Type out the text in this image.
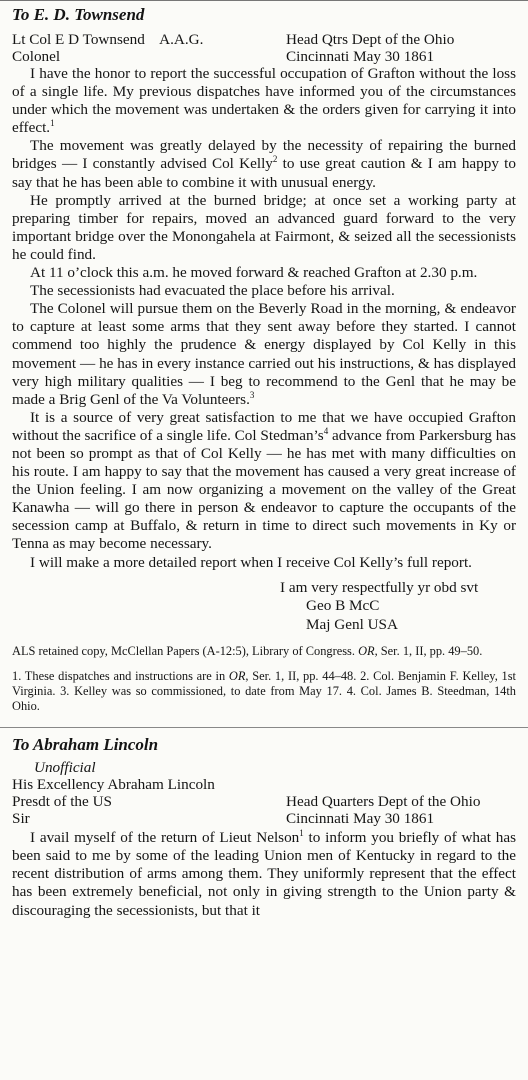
To E. D. Townsend
Lt Col E D Townsend    A.A.G.	Head Qtrs Dept of the Ohio
Colonel	Cincinnati May 30 1861

I have the honor to report the successful occupation of Grafton without the loss of a single life. My previous dispatches have informed you of the circumstances under which the movement was undertaken & the orders given for carrying it into effect.$^1$

The movement was greatly delayed by the necessity of repairing the burned bridges — I constantly advised Col Kelly$^2$ to use great caution & I am happy to say that he has been able to combine it with unusual energy.

He promptly arrived at the burned bridge; at once set a working party at preparing timber for repairs, moved an advanced guard forward to the very important bridge over the Monongahela at Fairmont, & seized all the secessionists he could find.

At 11 o’clock this a.m. he moved forward & reached Grafton at 2.30 p.m.

The secessionists had evacuated the place before his arrival.

The Colonel will pursue them on the Beverly Road in the morning, & endeavor to capture at least some arms that they sent away before they started. I cannot commend too highly the prudence & energy displayed by Col Kelly in this movement — he has in every instance carried out his instructions, & has displayed very high military qualities — I beg to recommend to the Genl that he may be made a Brig Genl of the Va Volunteers.$^3$

It is a source of very great satisfaction to me that we have occupied Grafton without the sacrifice of a single life. Col $Stedman’s^4$ advance from Parkersburg has not been so prompt as that of Col Kelly — he has met with many difficulties on his route. I am happy to say that the movement has caused a very great increase of the Union feeling. I am now organizing a movement on the valley of the Great Kanawha — will go there in person & endeavor to capture the occupants of the secession camp at Buffalo, & return in time to direct such movements in Ky or Tenna as may become necessary.

I will make a more detailed report when I receive Col Kelly’s full report.

I am very respectfully yr obd svt
Geo B McC
Maj Genl USA
ALS retained copy, McClellan Papers (A-12:5), Library of Congress. OR, Ser. 1, II, pp. 49–50.
1. These dispatches and instructions are in OR, Ser. 1, II, pp. 44–48. 2. Col. Benjamin F. Kelley, 1st Virginia. 3. Kelley was so commissioned, to date from May 17. 4. Col. James B. Steedman, 14th Ohio.
To Abraham Lincoln
Unofficial
His Excellency Abraham Lincoln
Presdt of the US	Head Quarters Dept of the Ohio
Sir	Cincinnati May 30 1861

I avail myself of the return of Lieut Nelson$^1$ to inform you briefly of what has been said to me by some of the leading Union men of Kentucky in regard to the recent distribution of arms among them. They uniformly represent that the effect has been extremely beneficial, not only in giving strength to the Union party & discouraging the secessionists, but that it
